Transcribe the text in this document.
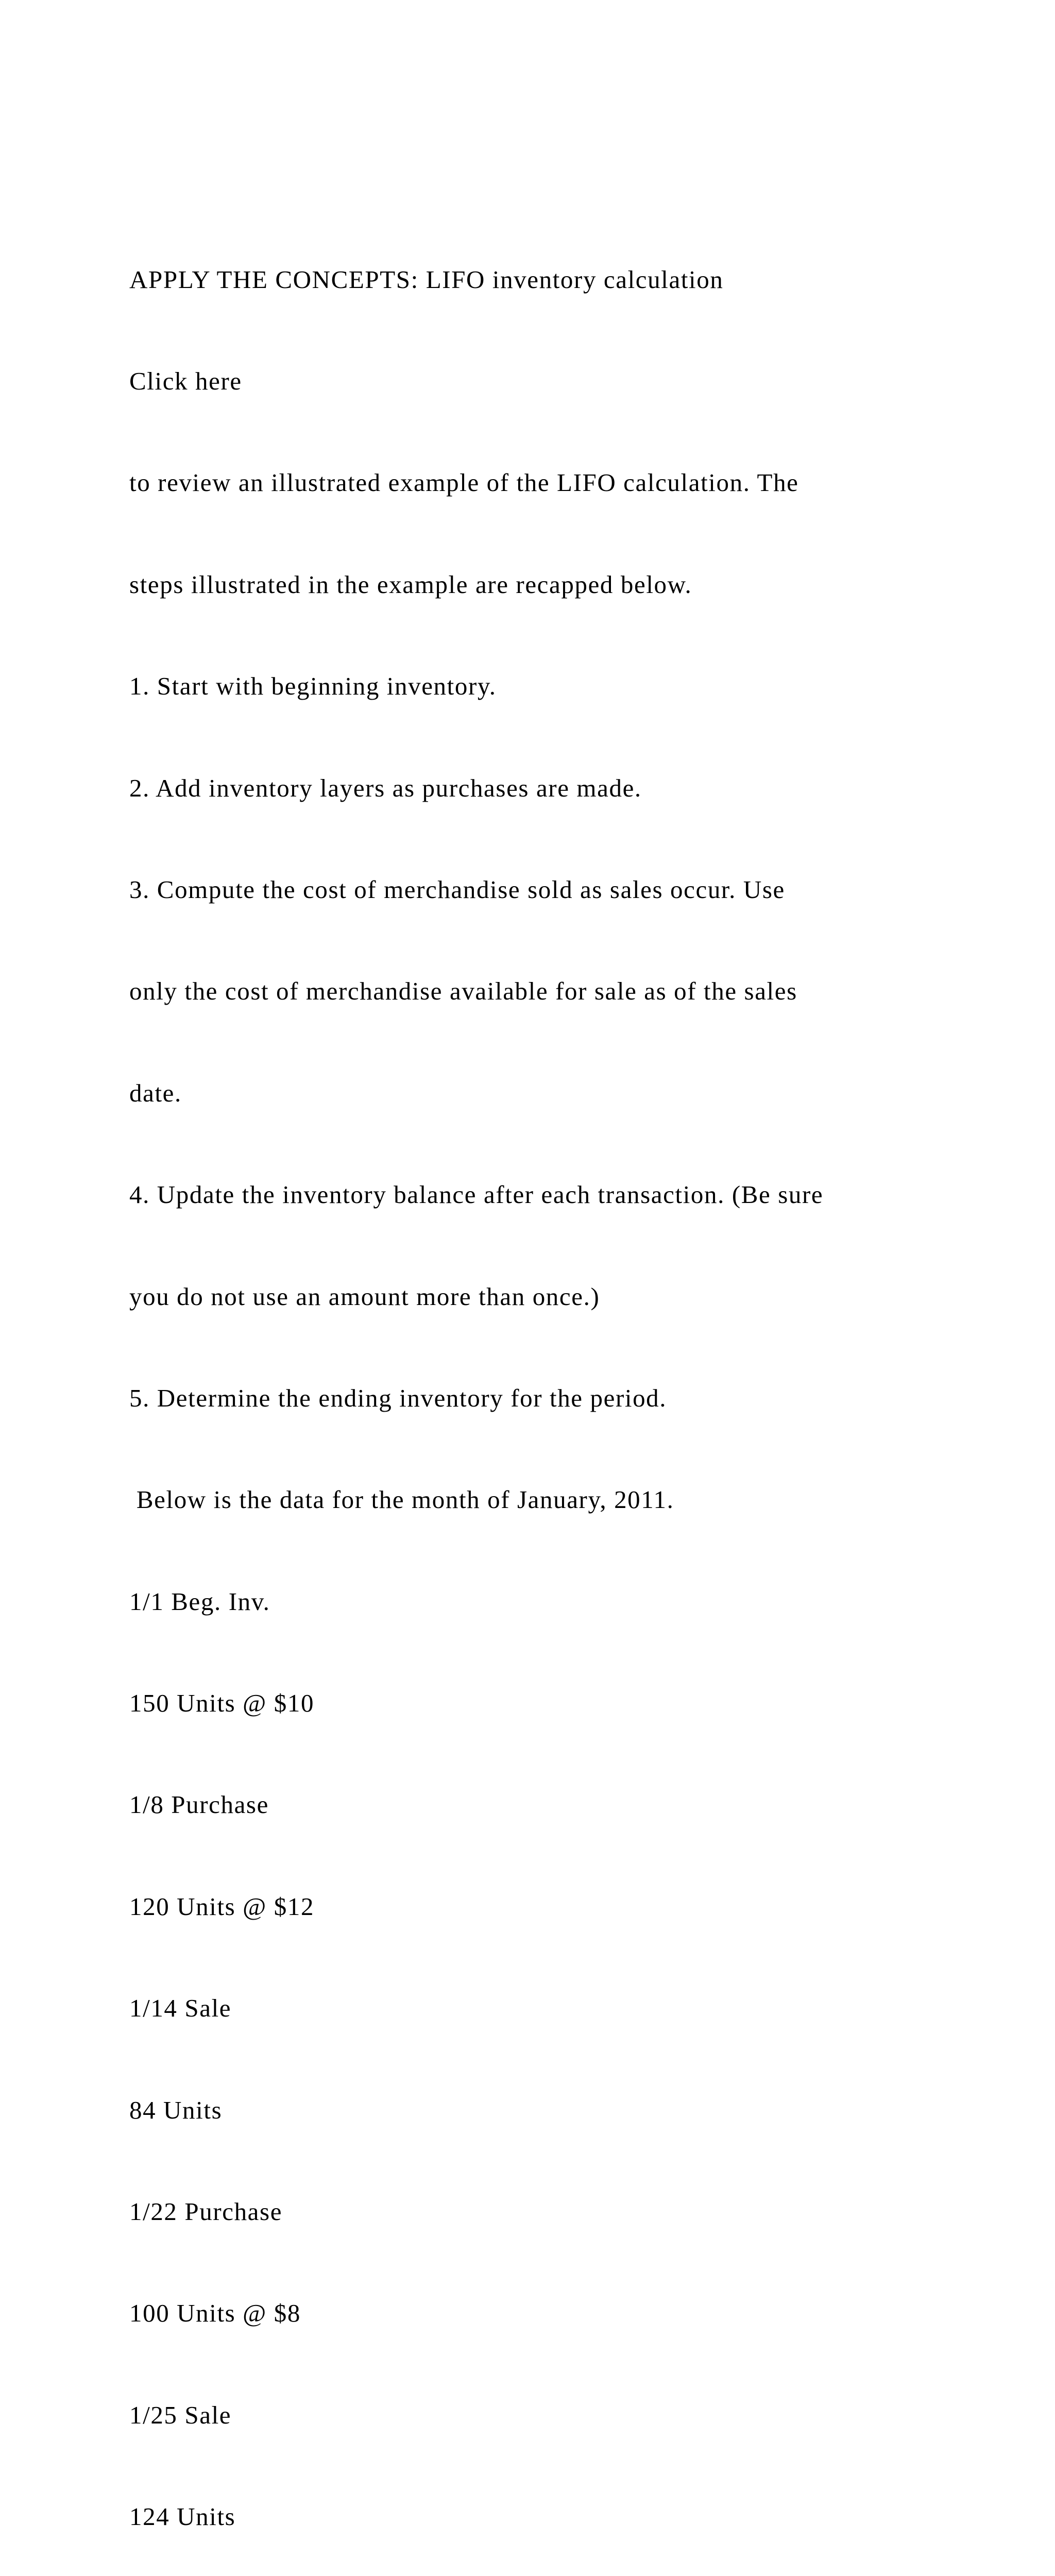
APPLY THE CONCEPTS: LIFO inventory calculation

Click here

to review an illustrated example of the LIFO calculation. The

steps illustrated in the example are recapped below.

1. Start with beginning inventory.

2. Add inventory layers as purchases are made.

3. Compute the cost of merchandise sold as sales occur. Use

only the cost of merchandise available for sale as of the sales

date.

4. Update the inventory balance after each transaction. (Be sure

you do not use an amount more than once.)

5. Determine the ending inventory for the period.

Below is the data for the month of January, 2011.

1/1 Beg. Inv.

150 Units @ $10

1/8 Purchase

120 Units @ $12

1/14 Sale

84 Units

1/22 Purchase

100 Units @ $8

1/25 Sale

124 Units
